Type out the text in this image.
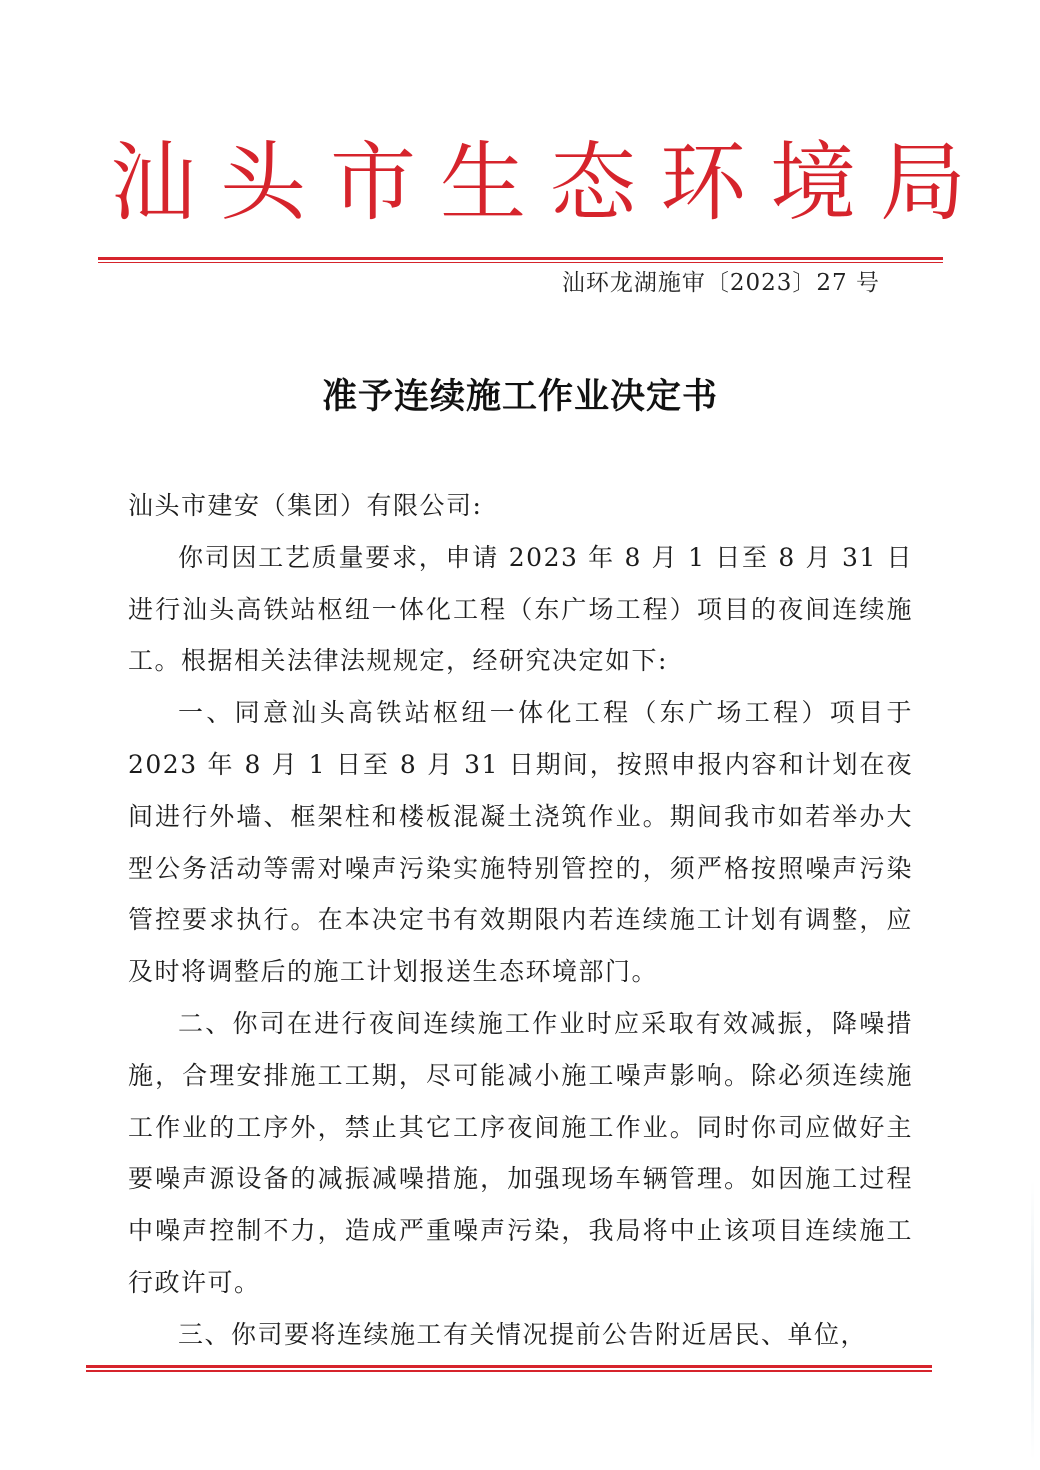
汕头市生态环境局
汕环龙湖施审〔2023〕27 号
准予连续施工作业决定书

汕头市建安（集团）有限公司:

你司因工艺质量要求，申请 2023 年 8 月 1 日至 8 月 31 日进行汕头高铁站枢纽一体化工程（东广场工程）项目的夜间连续施工。根据相关法律法规规定，经研究决定如下:

一、同意汕头高铁站枢纽一体化工程（东广场工程）项目于 2023 年 8 月 1 日至 8 月 31 日期间，按照申报内容和计划在夜间进行外墙、框架柱和楼板混凝土浇筑作业。期间我市如若举办大型公务活动等需对噪声污染实施特别管控的，须严格按照噪声污染管控要求执行。在本决定书有效期限内若连续施工计划有调整，应及时将调整后的施工计划报送生态环境部门。

二、你司在进行夜间连续施工作业时应采取有效减振，降噪措施，合理安排施工工期，尽可能减小施工噪声影响。除必须连续施工作业的工序外，禁止其它工序夜间施工作业。同时你司应做好主要噪声源设备的减振减噪措施，加强现场车辆管理。如因施工过程中噪声控制不力，造成严重噪声污染，我局将中止该项目连续施工行政许可。

三、你司要将连续施工有关情况提前公告附近居民、单位，
